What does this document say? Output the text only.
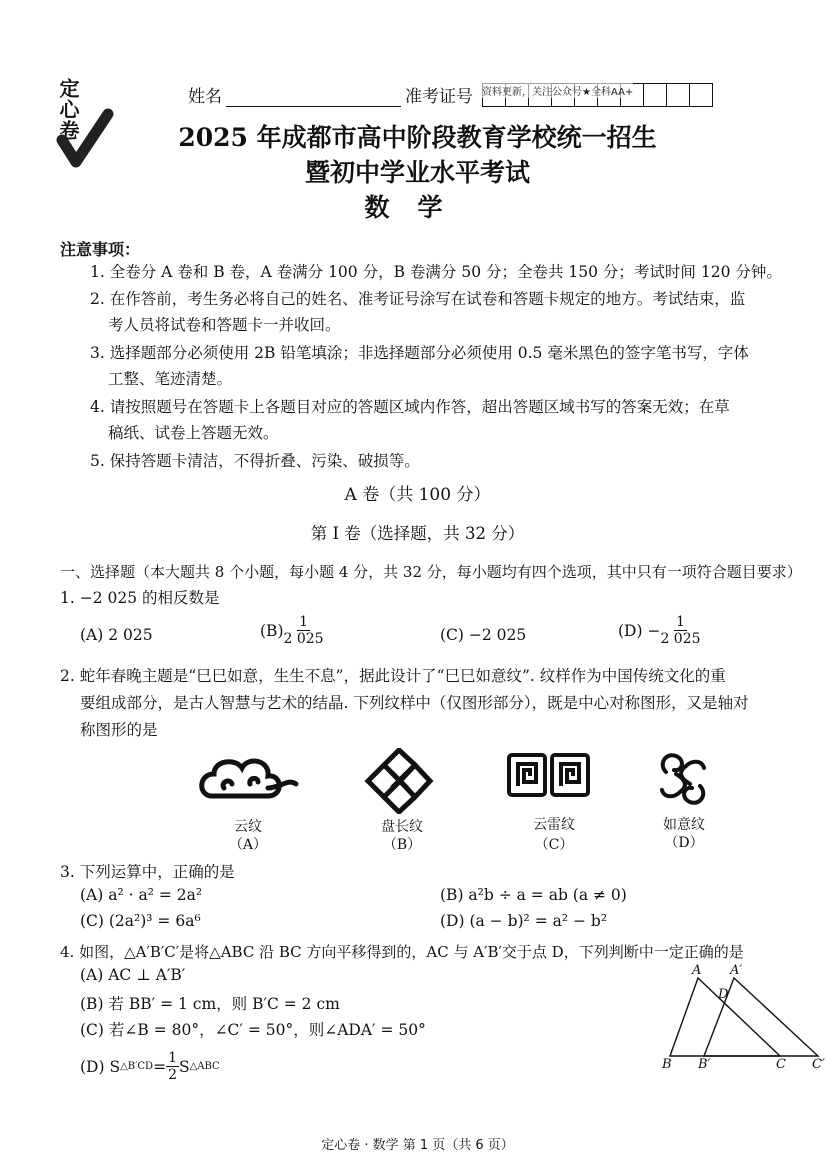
定心卷	姓名	准考证号 资料更新，关注公众号★全科AA+
2025 年成都市高中阶段教育学校统一招生
暨初中学业水平考试
数学
注意事项：
1. 全卷分 A 卷和 B 卷，A 卷满分 100 分，B 卷满分 50 分；全卷共 150 分；考试时间 120 分钟。
2. 在作答前，考生务必将自己的姓名、准考证号涂写在试卷和答题卡规定的地方。考试结束，监
考人员将试卷和答题卡一并收回。
3. 选择题部分必须使用 2B 铅笔填涂；非选择题部分必须使用 0.5 毫米黑色的签字笔书写，字体
工整、笔迹清楚。
4. 请按照题号在答题卡上各题目对应的答题区域内作答，超出答题区域书写的答案无效；在草
稿纸、试卷上答题无效。
5. 保持答题卡清洁，不得折叠、污染、破损等。
A 卷（共 100 分）
第 Ⅰ 卷（选择题，共 32 分）
一、选择题（本大题共 8 个小题，每小题 4 分，共 32 分，每小题均有四个选项，其中只有一项符合题目要求）
1. −2 025 的相反数是
(A) 2 025	$(B) \frac{1}{2 025}$	(C) −2 025	$(D) - \frac{1}{2 025}$
2. 蛇年春晚主题是“巳巳如意，生生不息”，据此设计了“巳巳如意纹”. 纹样作为中国传统文化的重
要组成部分，是古人智慧与艺术的结晶. 下列纹样中（仅图形部分），既是中心对称图形，又是轴对
称图形的是
云纹
（A）
盘长纹
（B）
云雷纹
（C）
如意纹
（D）
3. 下列运算中，正确的是
(A) a² · a² = 2a²	(B) a²b ÷ a = ab (a ≠ 0)
(C) (2a²)³ = 6a⁶	(D) (a − b)² = a² − b²
4. 如图，△A′B′C′是将△ABC 沿 BC 方向平移得到的，AC 与 A′B′交于点 D，下列判断中一定正确的是
(A) AC ⊥ A′B′
(B) 若 BB′ = 1 cm，则 B′C = 2 cm
(C) 若∠B = 80°，∠C′ = 50°，则∠ADA′ = 50°
(D) S △B′CD = $\frac{1}{2}$ S △ABC
A A′
D
B B′	C C′
定心卷 · 数学 第 1 页（共 6 页）
